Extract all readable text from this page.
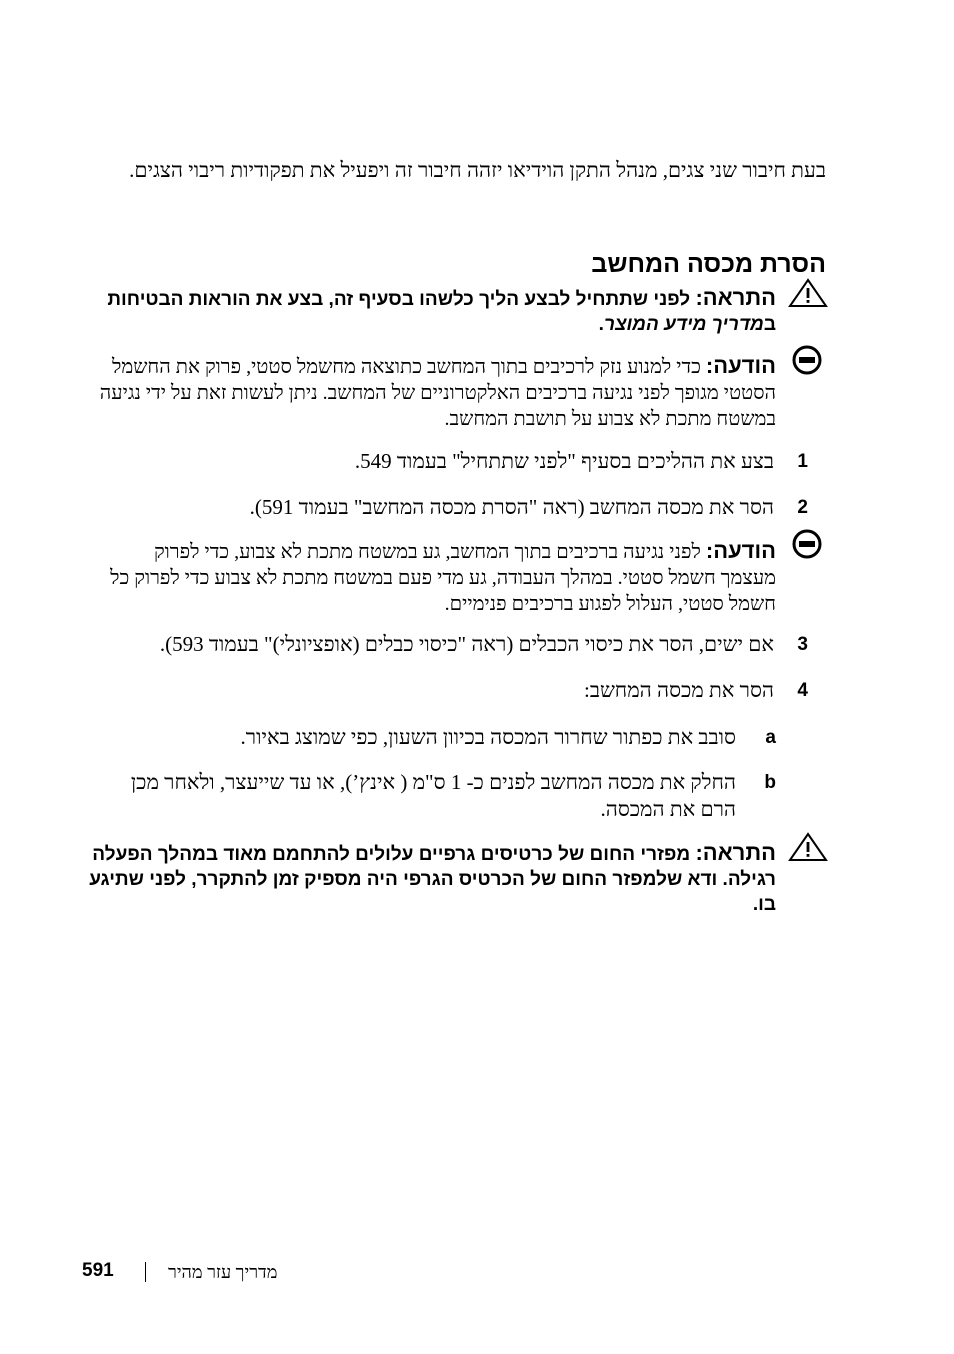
בעת חיבור שני צגים, מנהל התקן הוידיאו יזהה חיבור זה ויפעיל את תפקודיות ריבוי הצגים.
הסרת מכסה המחשב
התראה: לפני שתתחיל לבצע הליך כלשהו בסעיף זה, בצע את הוראות הבטיחות במדריך מידע המוצר.
הודעה: כדי למנוע נזק לרכיבים בתוך המחשב כתוצאה מחשמל סטטי, פרוק את החשמל הסטטי מגופך לפני נגיעה ברכיבים האלקטרוניים של המחשב. ניתן לעשות זאת על ידי נגיעה במשטח מתכת לא צבוע על תושבת המחשב.
1
בצע את ההליכים בסעיף "לפני שתתחיל" בעמוד 549.
2
הסר את מכסה המחשב (ראה "הסרת מכסה המחשב" בעמוד 591).
הודעה: לפני נגיעה ברכיבים בתוך המחשב, גע במשטח מתכת לא צבוע, כדי לפרוק מעצמך חשמל סטטי. במהלך העבודה, גע מדי פעם במשטח מתכת לא צבוע כדי לפרוק כל חשמל סטטי, העלול לפגוע ברכיבים פנימיים.
3
אם ישים, הסר את כיסוי הכבלים (ראה "כיסוי כבלים (אופציונלי)" בעמוד 593).
4
הסר את מכסה המחשב:
a
סובב את כפתור שחרור המכסה בכיוון השעון, כפי שמוצג באיור.
b
החלק את מכסה המחשב לפנים כ- 1 ס"מ ( אינץ’), או עד שייעצר, ולאחר מכן הרם את המכסה.
התראה: מפזרי החום של כרטיסים גרפיים עלולים להתחמם מאוד במהלך הפעלה רגילה. ודא שלמפזר החום של הכרטיס הגרפי היה מספיק זמן להתקרר, לפני שתיגע בו.
591	מדריך עזר מהיר
